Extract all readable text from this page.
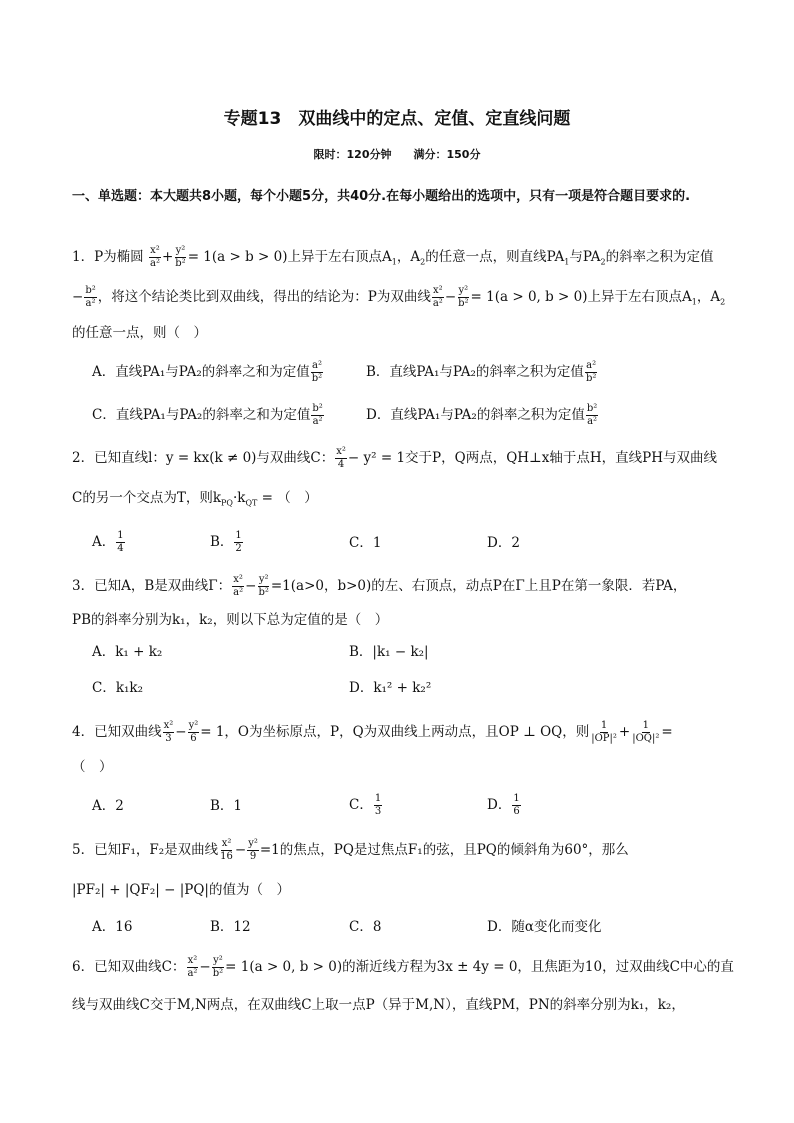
专题13　双曲线中的定点、定值、定直线问题
限时：120分钟　　满分：150分
一、单选题：本大题共8小题，每个小题5分，共40分.在每小题给出的选项中，只有一项是符合题目要求的.
1．P为椭圆 $\frac{\text{x²}}{\text{a²}} + \frac{\text{y²}}{\text{b²}} = 1(a > b > 0)$上异于左右顶点$A_1$，$A_2$的任意一点，则直线$PA_1$与$PA_2$的斜率之积为定值
− $\frac{\text{b²}}{\text{a²}}$ ，将这个结论类比到双曲线，得出的结论为：P为双曲线 $\frac{\text{x²}}{\text{a²}} - \frac{\text{y²}}{\text{b²}} = 1(a > 0$, b > 0)上异于左右顶点$A_1$，$A_2$
的任意一点，则（　）
A．直线PA₁与PA₂的斜率之和为定值 $\frac{\text{a²}}{\text{b²}}$	B．直线PA₁与PA₂的斜率之积为定值 $\frac{\text{a²}}{\text{b²}}$
C．直线PA₁与PA₂的斜率之和为定值 $\frac{\text{b²}}{\text{a²}}$	D．直线PA₁与PA₂的斜率之积为定值 $\frac{\text{b²}}{\text{a²}}$
2．已知直线l：y = kx(k ≠ 0)与双曲线C： $\frac{\text{x²}}{4} - y^2 = 1$交于P，Q两点，QH⊥x轴于点H，直线PH与双曲线
C的另一个交点为T，则$k_{PQ}\cdot k_{QT}$ = （　）
A． $\frac{1}{4}$	B． $\frac{1}{2}$	C．1	D．2
3．已知A，B是双曲线Γ： $\frac{\text{x²}}{\text{a²}} - \frac{\text{y²}}{\text{b²}} =1(a>0$，b>0)的左、右顶点，动点P在Γ上且P在第一象限．若PA，
PB的斜率分别为k₁，k₂，则以下总为定值的是（　）
A．k₁ + k₂	B．|k₁ − k₂|
C．k₁k₂	D．k₁² + k₂²
4．已知双曲线 $\frac{\text{x²}}{3} - \frac{\text{y²}}{6} = 1$，O为坐标原点，P，Q为双曲线上两动点，且OP ⊥ OQ，则 $\frac{1}{\text{|OP|²}} + \frac{1}{\text{|OQ|²}}$ =
（　）
A．2	B．1	C． $\frac{1}{3}$	D． $\frac{1}{6}$
5．已知F₁，F₂是双曲线 $\frac{\text{x²}}{16} - \frac{\text{y²}}{9} =1$的焦点，PQ是过焦点F₁的弦，且PQ的倾斜角为60°，那么
|PF₂| + |QF₂| − |PQ|的值为（　）
A．16	B．12	C．8	D．随α变化而变化
6．已知双曲线C： $\frac{\text{x²}}{\text{a²}} - \frac{\text{y²}}{\text{b²}} = 1(a > 0$, b > 0)的渐近线方程为3x ± 4y = 0，且焦距为10，过双曲线C中心的直
线与双曲线C交于M,N两点，在双曲线C上取一点P（异于M,N），直线PM，PN的斜率分别为k₁，k₂，
